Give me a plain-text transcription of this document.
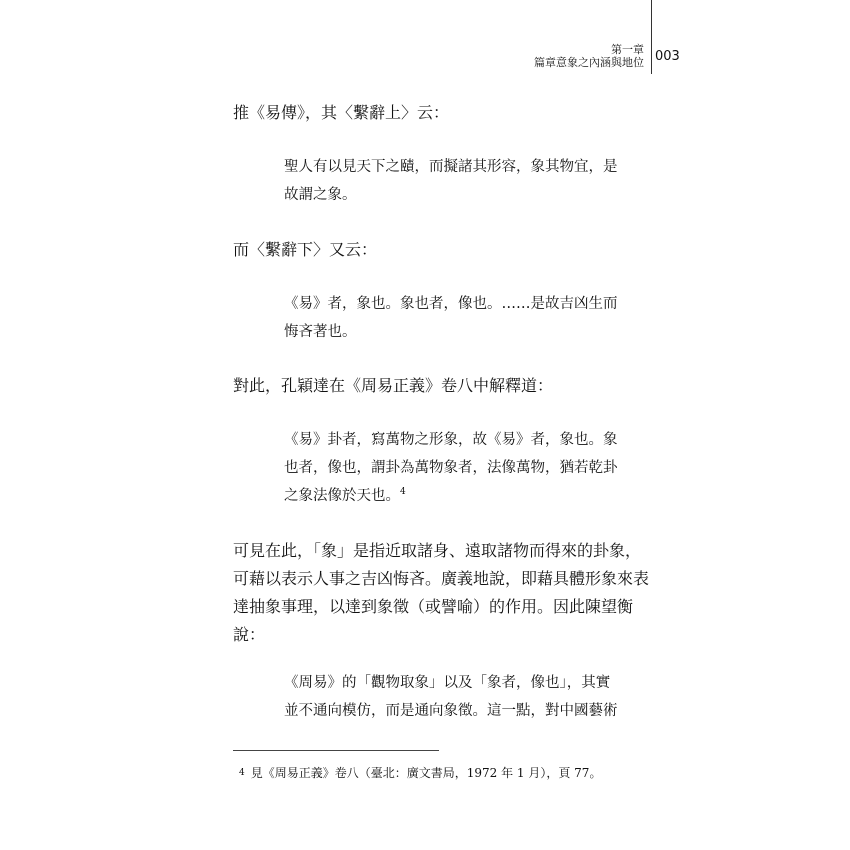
第一章
篇章意象之內涵與地位 003

推《易傳》，其〈繫辭上〉云：

聖人有以見天下之賾，而擬諸其形容，象其物宜，是
故謂之象。

而〈繫辭下〉又云：

《易》者，象也。象也者，像也。……是故吉凶生而
悔吝著也。

對此，孔穎達在《周易正義》卷八中解釋道：

《易》卦者，寫萬物之形象，故《易》者，象也。象
也者，像也，謂卦為萬物象者，法像萬物，猶若乾卦
之象法像於天也。$^4$

可見在此，「象」是指近取諸身、遠取諸物而得來的卦象，
可藉以表示人事之吉凶悔吝。廣義地說，即藉具體形象來表
達抽象事理，以達到象徵（或譬喻）的作用。因此陳望衡
說：

《周易》的「觀物取象」以及「象者，像也」，其實
並不通向模仿，而是通向象徵。這一點，對中國藝術

$^4$ 見《周易正義》卷八（臺北：廣文書局，1972 年 1 月），頁 77。
